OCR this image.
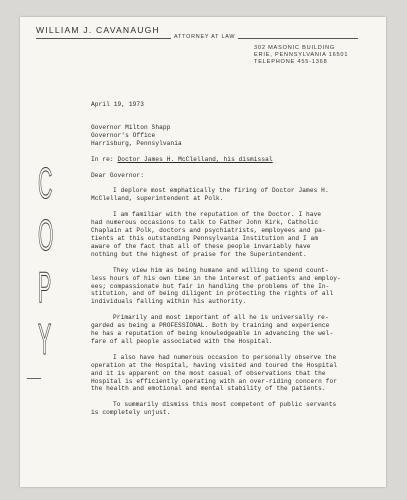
WILLIAM J. CAVANAUGH
ATTORNEY AT LAW
302 MASONIC BUILDING
ERIE, PENNSYLVANIA 16501
TELEPHONE 455-1368
C
O
P
Y
April 19, 1973
Governor Milton Shapp
Governor's Office
Harrisburg, Pennsylvania
In re: Doctor James H. McClelland, his dismissal
Dear Governor:
I deplore most emphatically the firing of Doctor James H.
McClelland, superintendent at Polk.
I am familiar with the reputation of the Doctor. I have
had numerous occasions to talk to Father John Kirk, Catholic
Chaplain at Polk, doctors and psychiatrists, employees and pa-
tients at this outstanding Pennsylvania Institution and I am
aware of the fact that all of these people invariably have
nothing but the highest of praise for the Superintendent.
They view him as being humane and willing to spend count-
less hours of his own time in the interest of patients and employ-
ees; compassionate but fair in handling the problems of the In-
stitution, and of being diligent in protecting the rights of all
individuals falling within his authority.
Primarily and most important of all he is universally re-
garded as being a PROFESSIONAL. Both by training and experience
he has a reputation of being knowledgeable in advancing the wel-
fare of all people associated with the Hospital.
I also have had numerous occasion to personally observe the
operation at the Hospital, having visited and toured the Hospital
and it is apparent on the most casual of observations that the
Hospital is efficiently operating with an over-riding concern for
the health and emotional and mental stability of the patients.
To summarily dismiss this most competent of public servants
is completely unjust.
